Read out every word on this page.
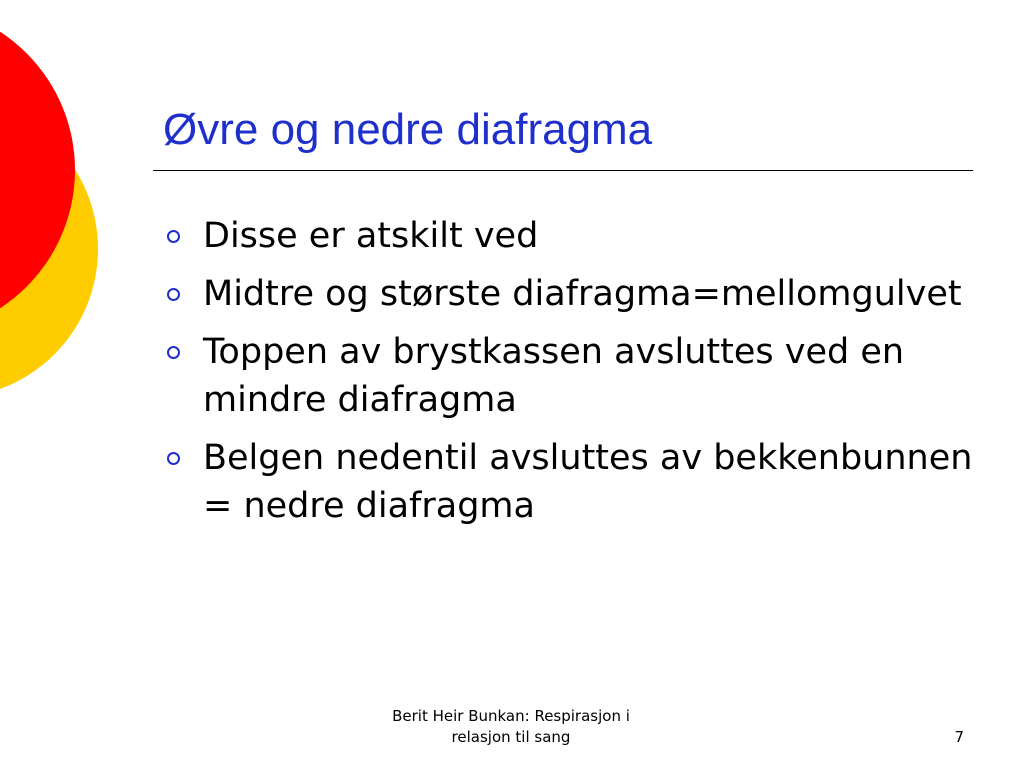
Øvre og nedre diafragma
Disse er atskilt ved
Midtre og største diafragma=mellomgulvet
Toppen av brystkassen avsluttes ved en mindre diafragma
Belgen nedentil avsluttes av bekkenbunnen = nedre diafragma
Berit Heir Bunkan: Respirasjon i
relasjon til sang	7
